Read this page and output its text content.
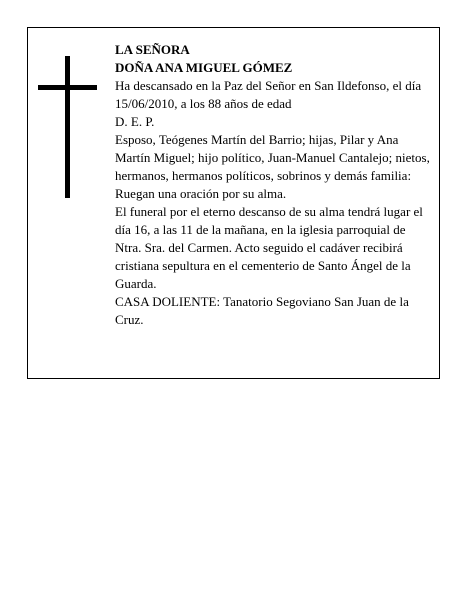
LA SEÑORA

DOÑA ANA MIGUEL GÓMEZ

Ha descansado en la Paz del Señor en San Ildefonso, el día 15/06/2010, a los 88 años de edad

D. E. P.

Esposo, Teógenes Martín del Barrio; hijas, Pilar y Ana Martín Miguel; hijo político, Juan-Manuel Cantalejo; nietos, hermanos, hermanos políticos, sobrinos y demás familia:

Ruegan una oración por su alma.

El funeral por el eterno descanso de su alma tendrá lugar el día 16, a las 11 de la mañana, en la iglesia parroquial de Ntra. Sra. del Carmen. Acto seguido el cadáver recibirá cristiana sepultura en el cementerio de Santo Ángel de la Guarda.

CASA DOLIENTE: Tanatorio Segoviano San Juan de la Cruz.
